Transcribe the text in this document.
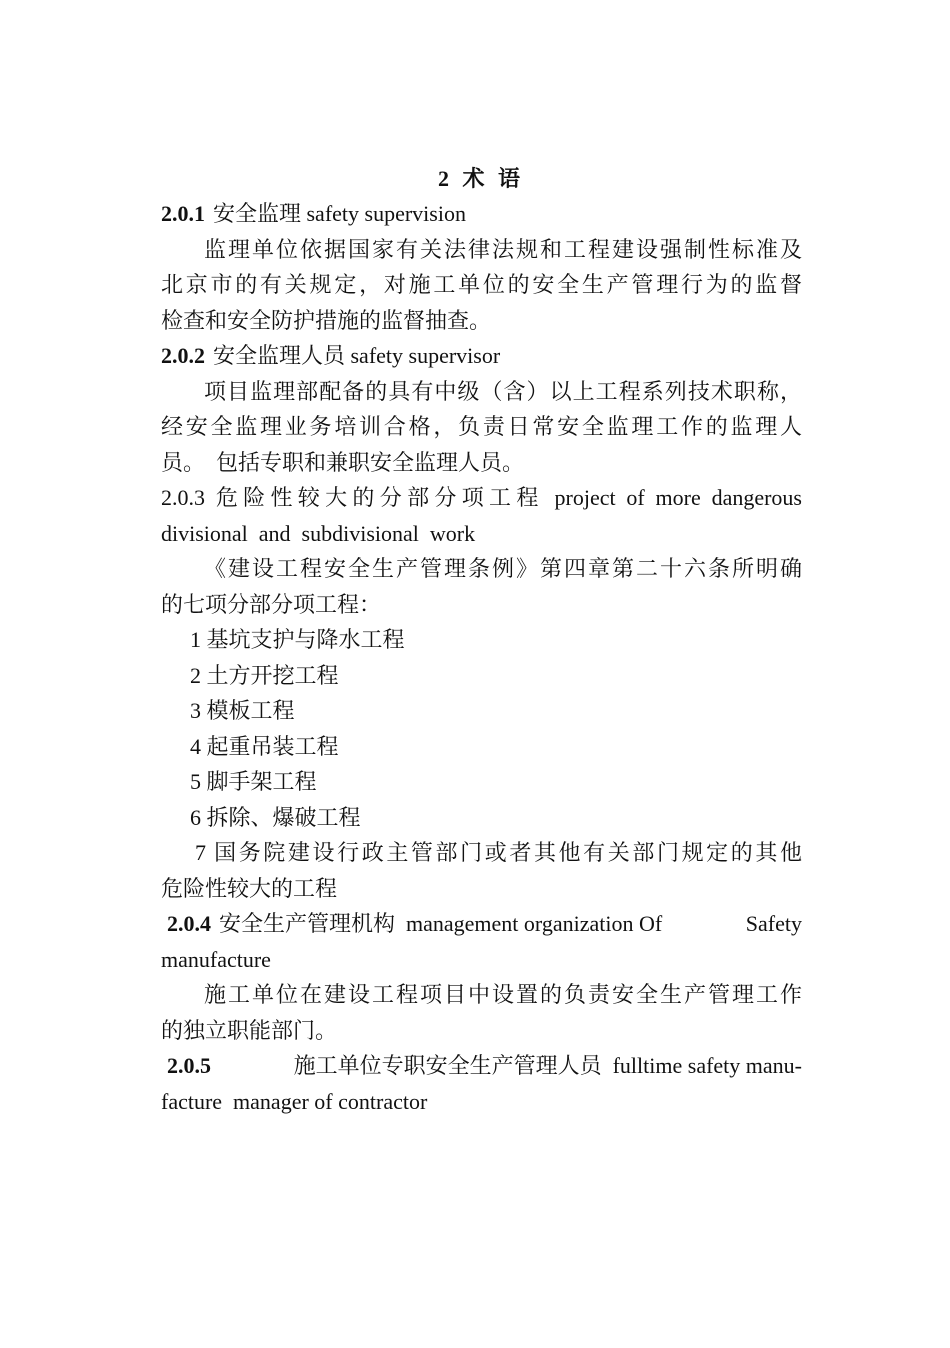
2 术 语
2.0.1 安全监理 safety supervision
监理单位依据国家有关法律法规和工程建设强制性标准及
北京市的有关规定，对施工单位的安全生产管理行为的监督
检查和安全防护措施的监督抽查。
2.0.2 安全监理人员 safety supervisor
项目监理部配备的具有中级（含）以上工程系列技术职称，
经安全监理业务培训合格，负责日常安全监理工作的监理人
员。　包括专职和兼职安全监理人员。
2.0.3 危险性较大的分部分项工程 project of more dangerous
divisional  and  subdivisional  work
《建设工程安全生产管理条例》第四章第二十六条所明确
的七项分部分项工程：
1 基坑支护与降水工程
2 土方开挖工程
3 模板工程
4 起重吊装工程
5 脚手架工程
6 拆除、爆破工程
7 国务院建设行政主管部门或者其他有关部门规定的其他
危险性较大的工程
2.0.4 安全生产管理机构  management organization Of	Safety
manufacture
施工单位在建设工程项目中设置的负责安全生产管理工作
的独立职能部门。
2.0.5	施工单位专职安全生产管理人员  fulltime safety manu-
facture  manager of contractor
